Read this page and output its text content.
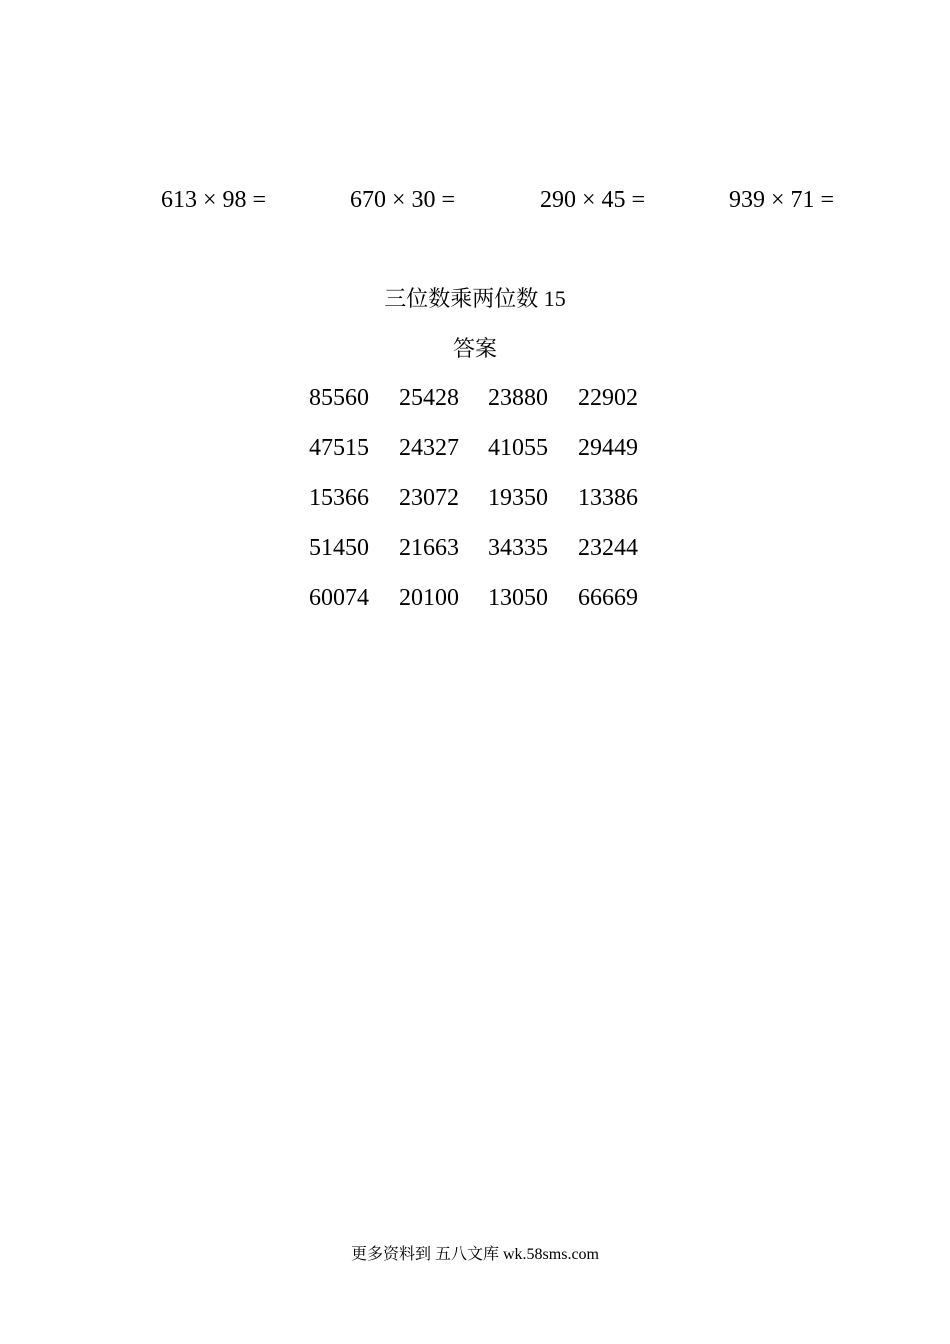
613 × 98 =	670 × 30 =	290 × 45 =	939 × 71 =
三位数乘两位数 15
答案
85560 25428 23880 22902
47515 24327 41055 29449
15366 23072 19350 13386
51450 21663 34335 23244
60074 20100 13050 66669
更多资料到 五八文库 wk.58sms.com
